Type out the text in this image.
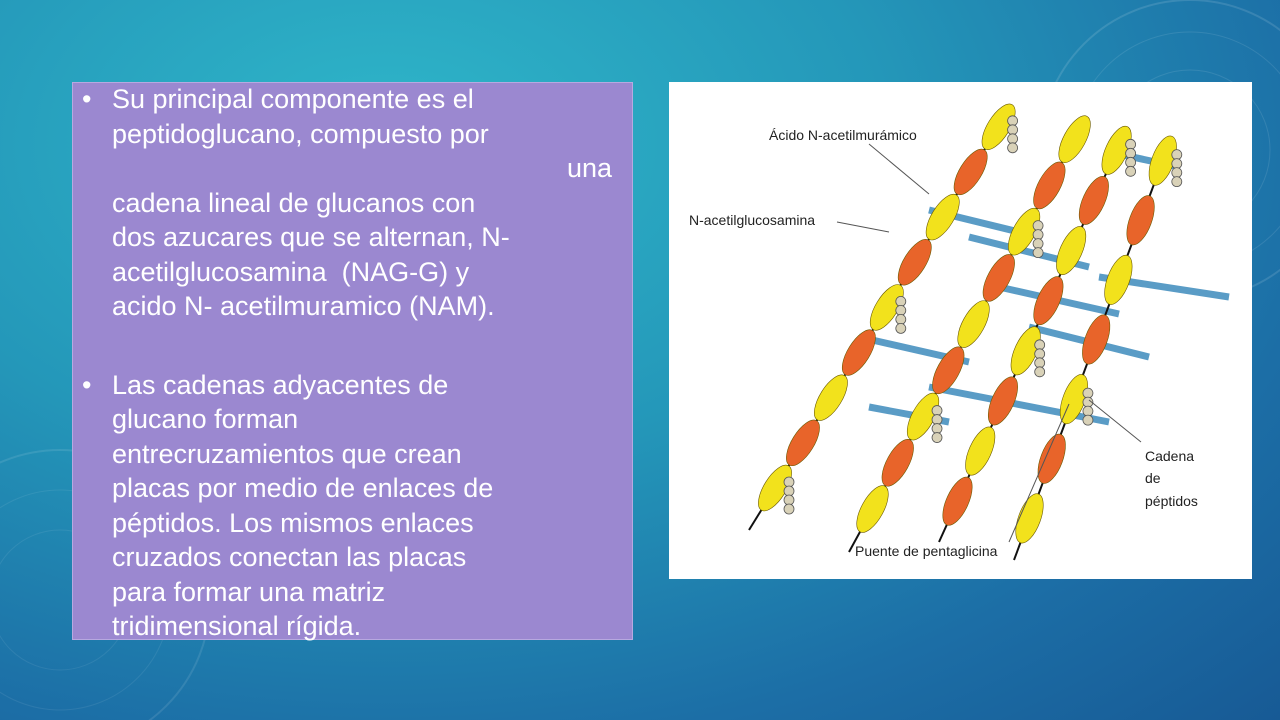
• Su principal componente es el
peptidoglucano, compuesto por
una
cadena lineal de glucanos con
dos azucares que se alternan, N-
acetilglucosamina  (NAG-G) y
acido N- acetilmuramico (NAM).
• Las cadenas adyacentes de
glucano forman
entrecruzamientos que crean
placas por medio de enlaces de
péptidos. Los mismos enlaces
cruzados conectan las placas
para formar una matriz
tridimensional rígida.
Ácido N-acetilmurámico
N-acetilglucosamina
Cadena
de
péptidos
Puente de pentaglicina
